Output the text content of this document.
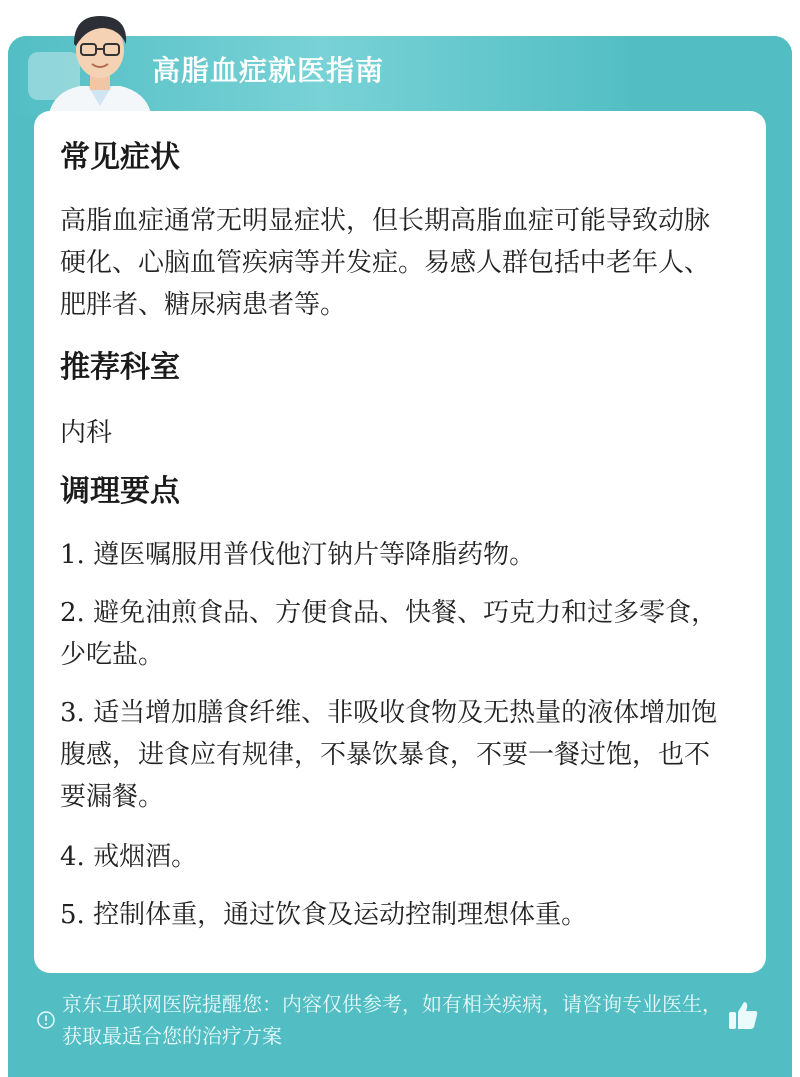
高脂血症就医指南
常见症状
高脂血症通常无明显症状，但长期高脂血症可能导致动脉硬化、心脑血管疾病等并发症。易感人群包括中老年人、肥胖者、糖尿病患者等。
推荐科室
内科
调理要点
1. 遵医嘱服用普伐他汀钠片等降脂药物。
2. 避免油煎食品、方便食品、快餐、巧克力和过多零食，少吃盐。
3. 适当增加膳食纤维、非吸收食物及无热量的液体增加饱腹感，进食应有规律，不暴饮暴食，不要一餐过饱，也不要漏餐。
4. 戒烟酒。
5. 控制体重，通过饮食及运动控制理想体重。
京东互联网医院提醒您：内容仅供参考，如有相关疾病，请咨询专业医生，获取最适合您的治疗方案
